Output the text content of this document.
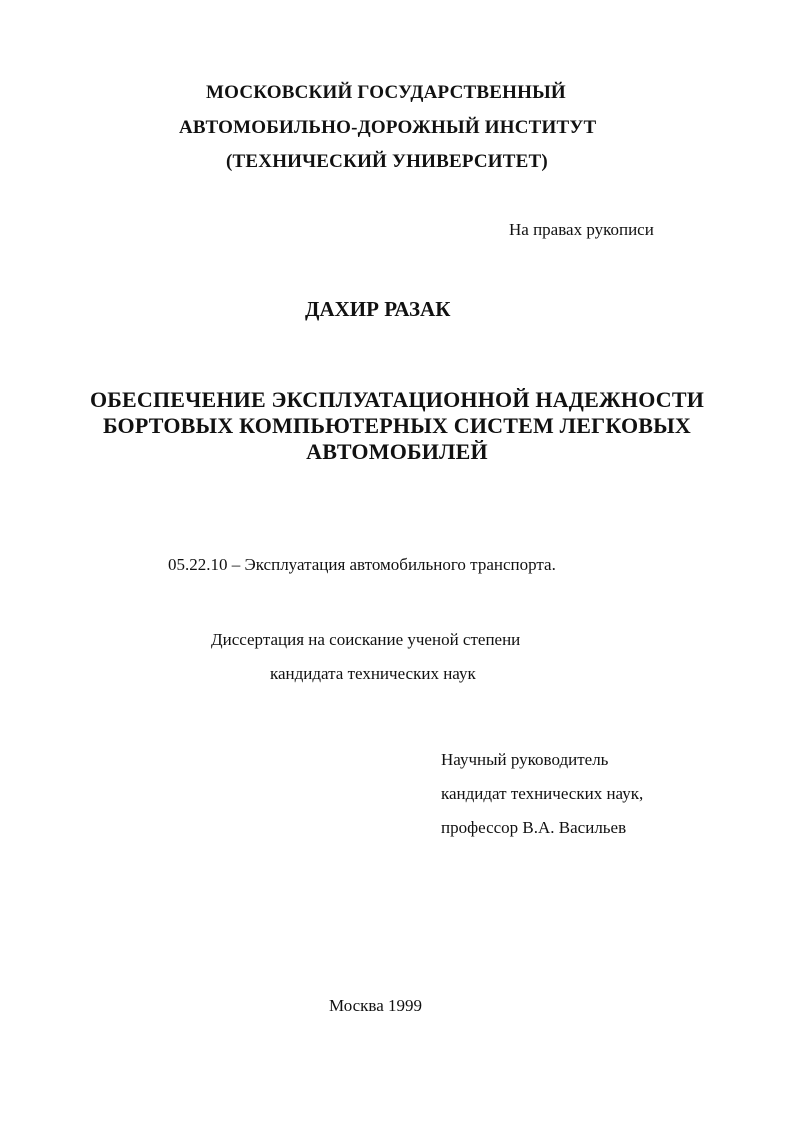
МОСКОВСКИЙ ГОСУДАРСТВЕННЫЙ
АВТОМОБИЛЬНО-ДОРОЖНЫЙ ИНСТИТУТ
(ТЕХНИЧЕСКИЙ УНИВЕРСИТЕТ)
На правах рукописи
ДАХИР РАЗАК
ОБЕСПЕЧЕНИЕ ЭКСПЛУАТАЦИОННОЙ НАДЕЖНОСТИ
БОРТОВЫХ КОМПЬЮТЕРНЫХ СИСТЕМ ЛЕГКОВЫХ
АВТОМОБИЛЕЙ
05.22.10 – Эксплуатация автомобильного транспорта.
Диссертация на соискание ученой степени
кандидата технических наук
Научный руководитель
кандидат технических наук,
профессор В.А. Васильев
Москва 1999
